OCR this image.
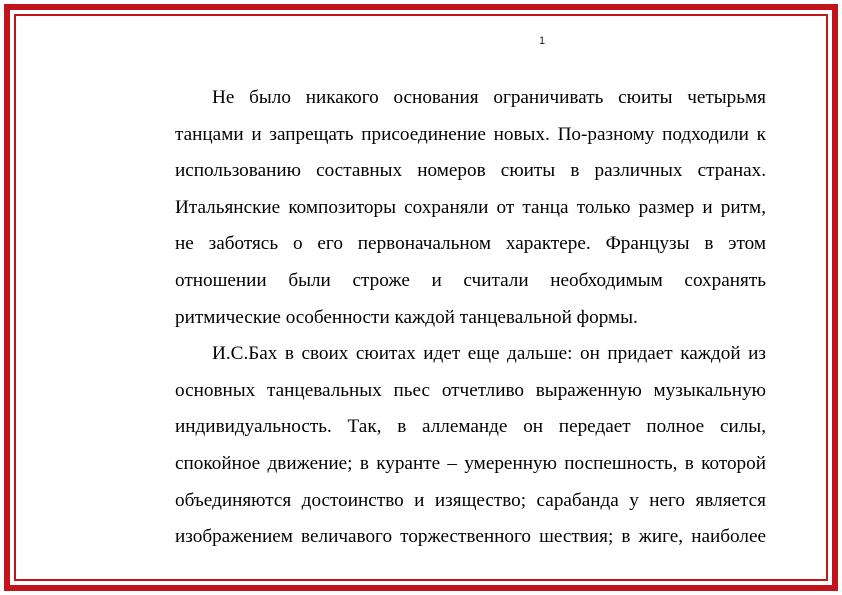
1
Не было никакого основания ограничивать сюиты четырьмя
танцами и запрещать присоединение новых. По-разному подходили к
использованию составных номеров сюиты в различных странах.
Итальянские композиторы сохраняли от танца только размер и ритм,
не заботясь о его первоначальном характере. Французы в этом
отношении были строже и считали необходимым сохранять
ритмические особенности каждой танцевальной формы.
И.С.Бах в своих сюитах идет еще дальше: он придает каждой из
основных танцевальных пьес отчетливо выраженную музыкальную
индивидуальность. Так, в аллеманде он передает полное силы,
спокойное движение; в куранте – умеренную поспешность, в которой
объединяются достоинство и изящество; сарабанда у него является
изображением величавого торжественного шествия; в жиге, наиболее
